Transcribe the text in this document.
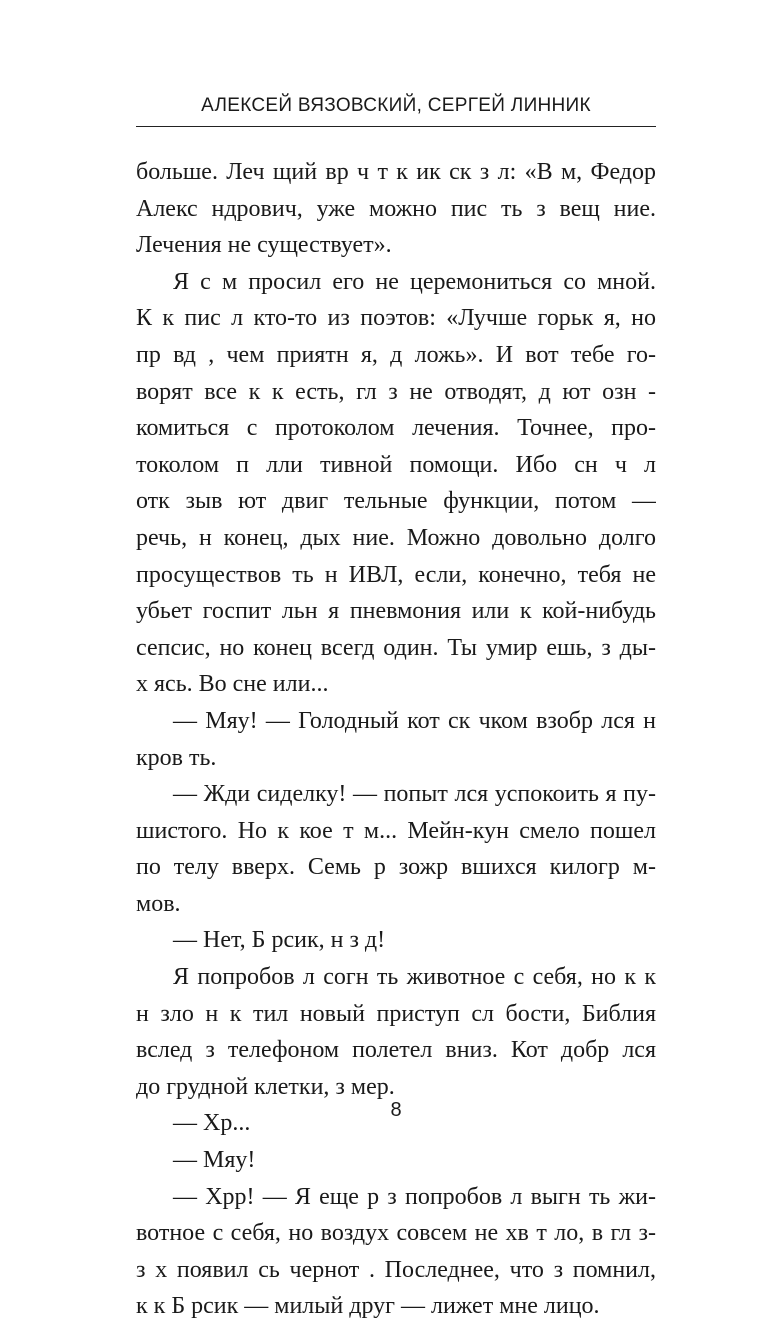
АЛЕКСЕЙ ВЯЗОВСКИЙ, СЕРГЕЙ ЛИННИК
больше. Леч щий вр ч т к ик ск з л: «В м, Федор
Алекс ндрович, уже можно пис ть з вещ ние.
Лечения не существует».
Я с м просил его не церемониться со мной.
К к пис л кто-то из поэтов: «Лучше горьк я, но
пр вд , чем приятн я, д ложь». И вот тебе го-
ворят все к к есть, гл з не отводят, д ют озн -
комиться с протоколом лечения. Точнее, про-
токолом п лли тивной помощи. Ибо сн ч л
отк зыв ют двиг тельные функции, потом —
речь, н конец, дых ние. Можно довольно долго
просуществов ть н ИВЛ, если, конечно, тебя не
убьет госпит льн я пневмония или к кой-нибудь
сепсис, но конец всегд один. Ты умир ешь, з ды-
х ясь. Во сне или...
— Мяу! — Голодный кот ск чком взобр лся н
кров ть.
— Жди сиделку! — попыт лся успокоить я пу-
шистого. Но к кое т м... Мейн-кун смело пошел
по телу вверх. Семь р зожр вшихся килогр м-
мов.
— Нет, Б рсик, н з д!
Я попробов л согн ть животное с себя, но к к
н зло н к тил новый приступ сл бости, Библия
вслед з телефоном полетел вниз. Кот добр лся
до грудной клетки, з мер.
— Хр...
— Мяу!
— Хрр! — Я еще р з попробов л выгн ть жи-
вотное с себя, но воздух совсем не хв т ло, в гл з-
з х появил сь чернот . Последнее, что з помнил,
к к Б рсик — милый друг — лижет мне лицо.
8
